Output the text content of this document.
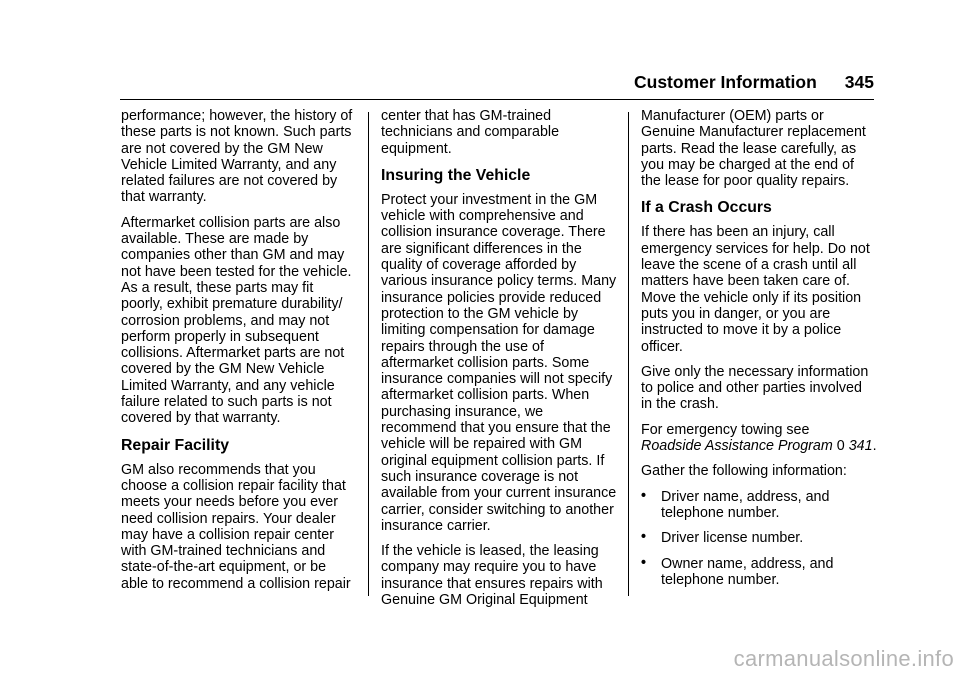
Customer Information 345

performance; however, the history of these parts is not known. Such parts are not covered by the GM New Vehicle Limited Warranty, and any related failures are not covered by that warranty.

Aftermarket collision parts are also available. These are made by companies other than GM and may not have been tested for the vehicle. As a result, these parts may fit poorly, exhibit premature durability/ corrosion problems, and may not perform properly in subsequent collisions. Aftermarket parts are not covered by the GM New Vehicle Limited Warranty, and any vehicle failure related to such parts is not covered by that warranty.

Repair Facility

GM also recommends that you choose a collision repair facility that meets your needs before you ever need collision repairs. Your dealer may have a collision repair center with GM-trained technicians and state-of-the-art equipment, or be able to recommend a collision repair

center that has GM-trained technicians and comparable equipment.

Insuring the Vehicle

Protect your investment in the GM vehicle with comprehensive and collision insurance coverage. There are significant differences in the quality of coverage afforded by various insurance policy terms. Many insurance policies provide reduced protection to the GM vehicle by limiting compensation for damage repairs through the use of aftermarket collision parts. Some insurance companies will not specify aftermarket collision parts. When purchasing insurance, we recommend that you ensure that the vehicle will be repaired with GM original equipment collision parts. If such insurance coverage is not available from your current insurance carrier, consider switching to another insurance carrier.

If the vehicle is leased, the leasing company may require you to have insurance that ensures repairs with Genuine GM Original Equipment

Manufacturer (OEM) parts or Genuine Manufacturer replacement parts. Read the lease carefully, as you may be charged at the end of the lease for poor quality repairs.

If a Crash Occurs

If there has been an injury, call emergency services for help. Do not leave the scene of a crash until all matters have been taken care of. Move the vehicle only if its position puts you in danger, or you are instructed to move it by a police officer.

Give only the necessary information to police and other parties involved in the crash.

For emergency towing see
Roadside Assistance Program 0 341.

Gather the following information:

• Driver name, address, and telephone number.
• Driver license number.
• Owner name, address, and telephone number.
carmanualsonline.info
